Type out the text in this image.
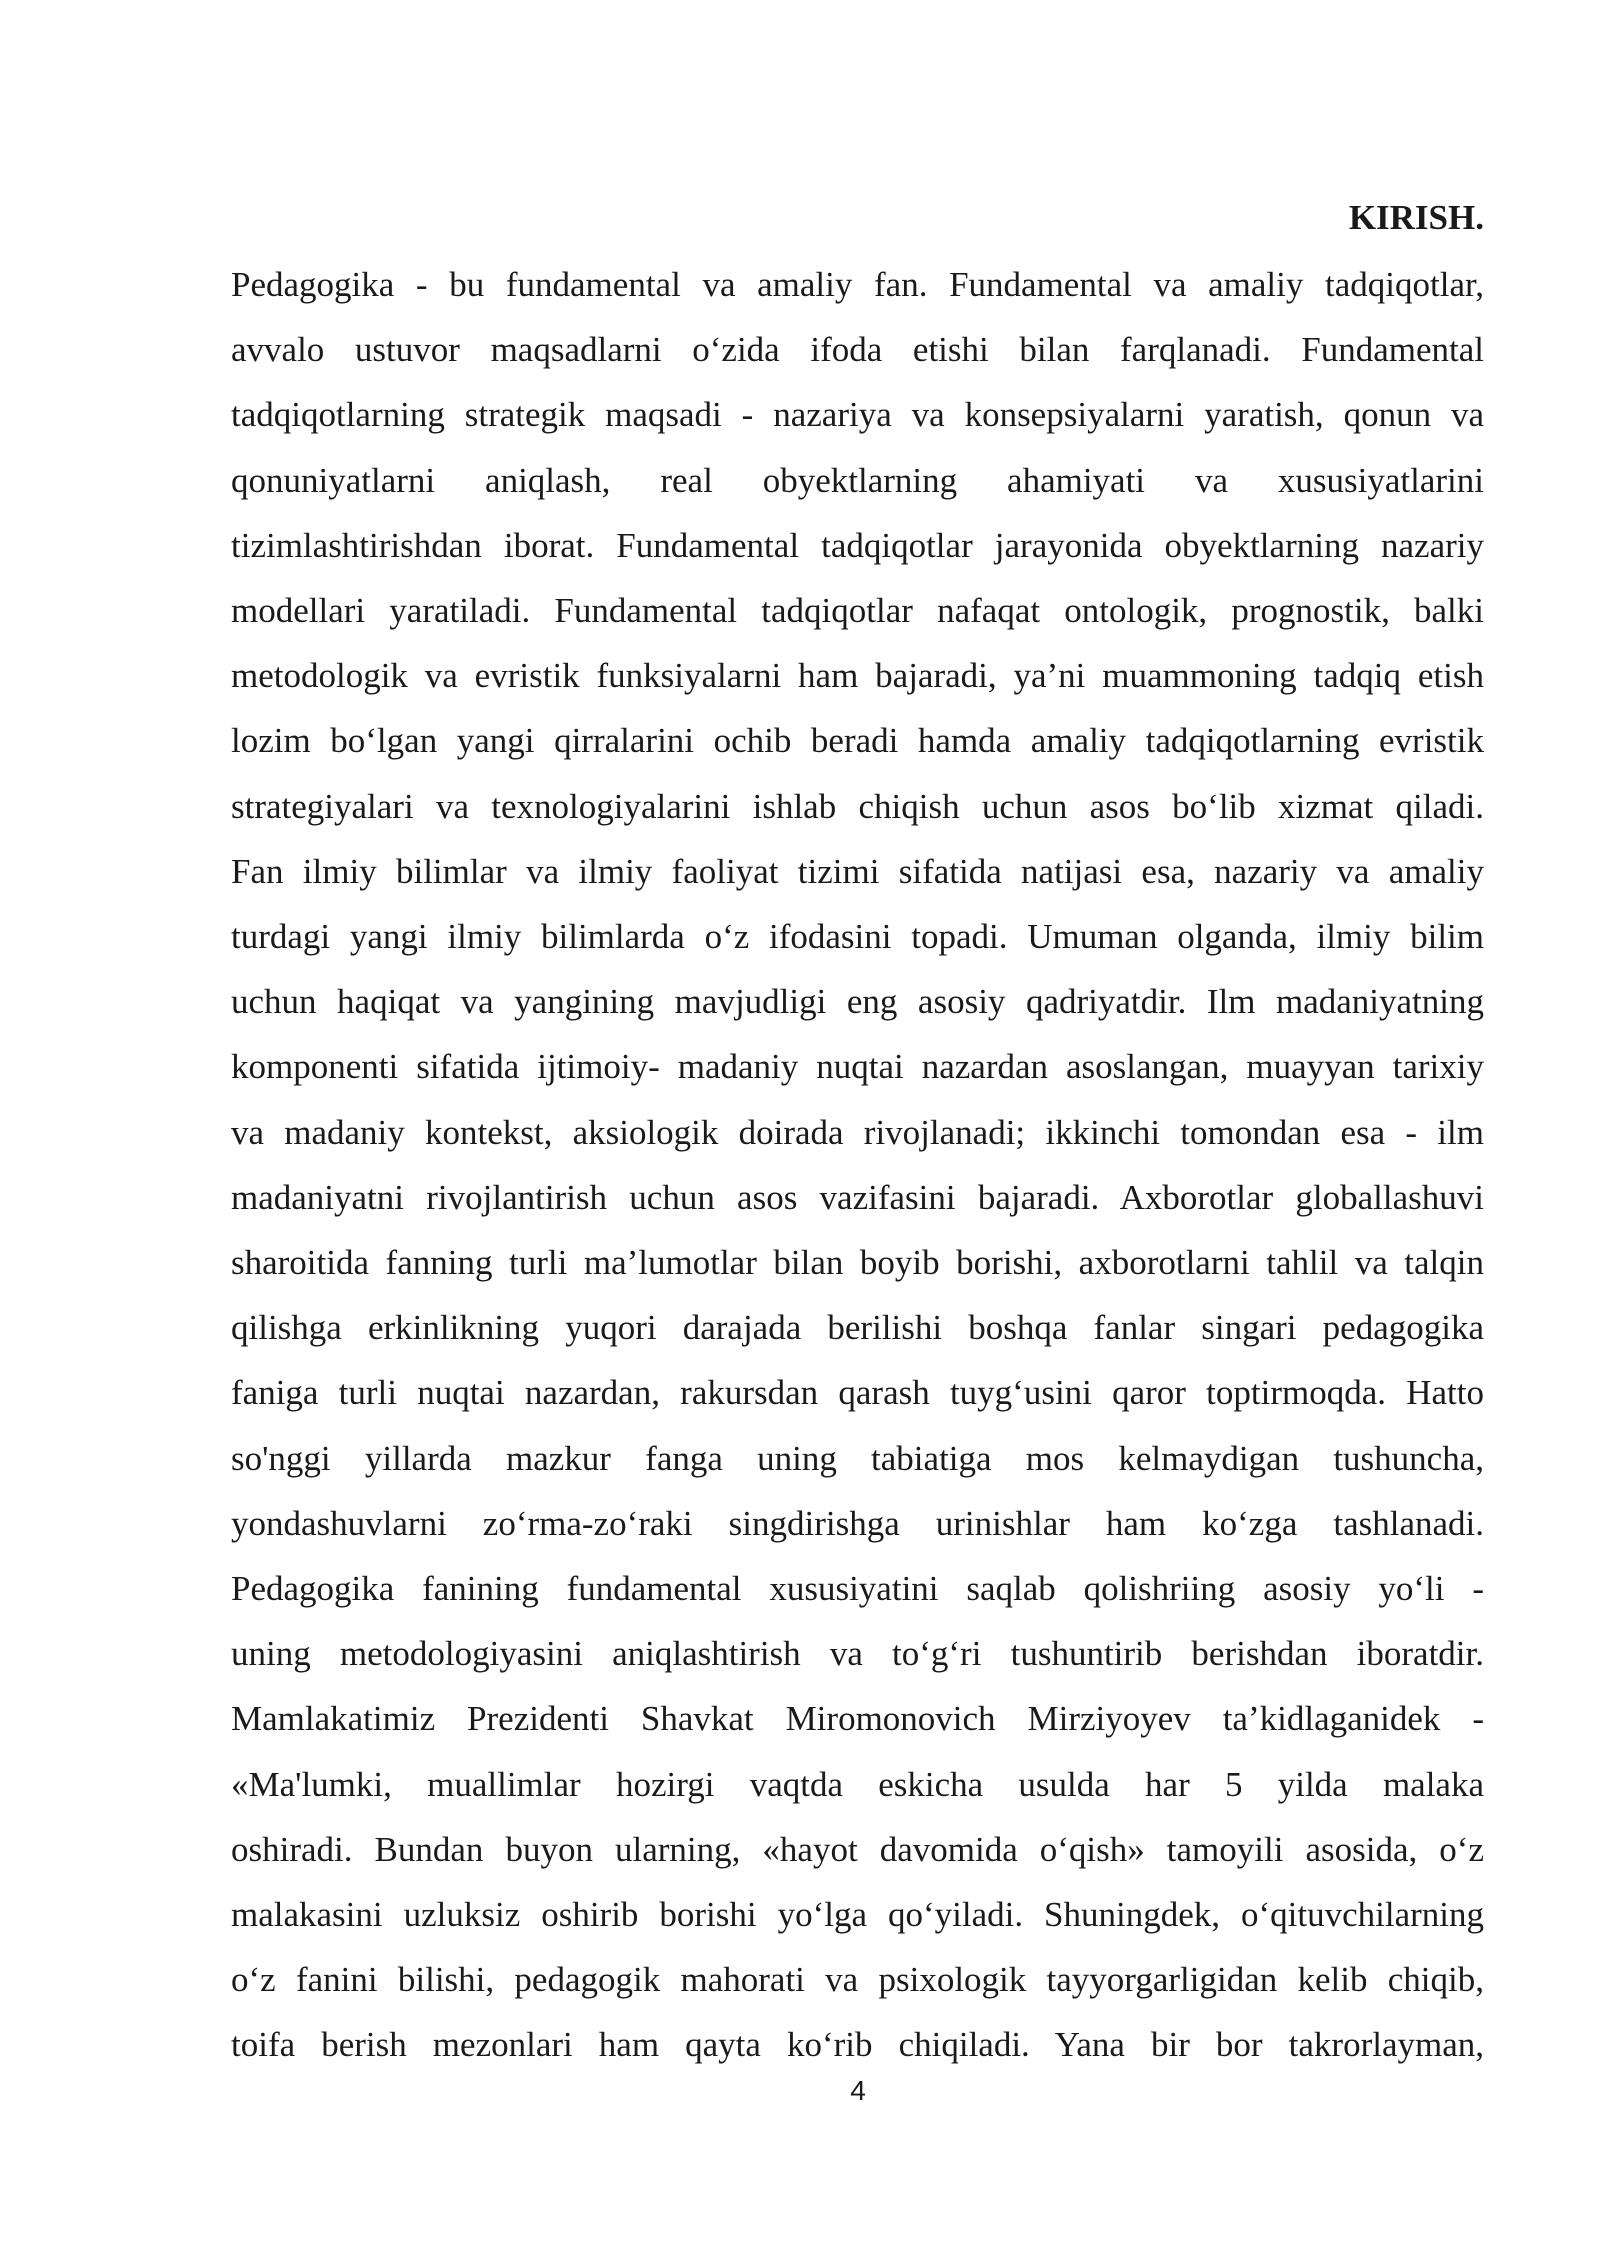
KIRISH.
Pedagogika - bu fundamental va amaliy fan. Fundamental va amaliy tadqiqotlar,
avvalo ustuvor maqsadlarni o‘zida ifoda etishi bilan farqlanadi. Fundamental
tadqiqotlarning strategik maqsadi - nazariya va konsepsiyalarni yaratish, qonun va
qonuniyatlarni aniqlash, real obyektlarning ahamiyati va xususiyatlarini
tizimlashtirishdan iborat. Fundamental tadqiqotlar jarayonida obyektlarning nazariy
modellari yaratiladi. Fundamental tadqiqotlar nafaqat ontologik, prognostik, balki
metodologik va evristik funksiyalarni ham bajaradi, ya’ni muammoning tadqiq etish
lozim bo‘lgan yangi qirralarini ochib beradi hamda amaliy tadqiqotlarning evristik
strategiyalari va texnologiyalarini ishlab chiqish uchun asos bo‘lib xizmat qiladi.
Fan ilmiy bilimlar va ilmiy faoliyat tizimi sifatida natijasi esa, nazariy va amaliy
turdagi yangi ilmiy bilimlarda o‘z ifodasini topadi. Umuman olganda, ilmiy bilim
uchun haqiqat va yangining mavjudligi eng asosiy qadriyatdir. Ilm madaniyatning
komponenti sifatida ijtimoiy- madaniy nuqtai nazardan asoslangan, muayyan tarixiy
va madaniy kontekst, aksiologik doirada rivojlanadi; ikkinchi tomondan esa - ilm
madaniyatni rivojlantirish uchun asos vazifasini bajaradi. Axborotlar globallashuvi
sharoitida fanning turli ma’lumotlar bilan boyib borishi, axborotlarni tahlil va talqin
qilishga erkinlikning yuqori darajada berilishi boshqa fanlar singari pedagogika
faniga turli nuqtai nazardan, rakursdan qarash tuyg‘usini qaror toptirmoqda. Hatto
so'nggi yillarda mazkur fanga uning tabiatiga mos kelmaydigan tushuncha,
yondashuvlarni zo‘rma-zo‘raki singdirishga urinishlar ham ko‘zga tashlanadi.
Pedagogika fanining fundamental xususiyatini saqlab qolishriing asosiy yo‘li -
uning metodologiyasini aniqlashtirish va to‘g‘ri tushuntirib berishdan iboratdir.
Mamlakatimiz Prezidenti Shavkat Miromonovich Mirziyoyev ta’kidlaganidek -
«Ma'lumki, muallimlar hozirgi vaqtda eskicha usulda har 5 yilda malaka
oshiradi. Bundan buyon ularning, «hayot davomida o‘qish» tamoyili asosida, o‘z
malakasini uzluksiz oshirib borishi yo‘lga qo‘yiladi. Shuningdek, o‘qituvchilarning
o‘z fanini bilishi, pedagogik mahorati va psixologik tayyorgarligidan kelib chiqib,
toifa berish mezonlari ham qayta ko‘rib chiqiladi. Yana bir bor takrorlayman,
4
